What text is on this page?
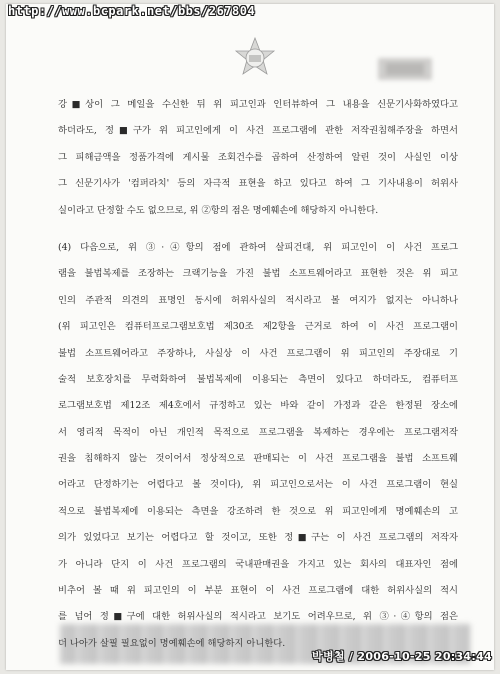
http://www.bcpark.net/bbs/267804
강■상이 그 메일을 수신한 뒤 위 피고인과 인터뷰하여 그 내용을 신문기사화하였다고
하더라도, 정■구가 위 피고인에게 이 사건 프로그램에 관한 저작권침해주장을 하면서
그 피해금액을 정품가격에 게시물 조회건수를 곱하여 산정하여 알린 것이 사실인 이상
그 신문기사가 '컴퍼라치' 등의 자극적 표현을 하고 있다고 하여 그 기사내용이 허위사
실이라고 단정할 수도 없으므로, 위 ②항의 점은 명예훼손에 해당하지 아니한다.
(4) 다음으로, 위 ③·④항의 점에 관하여 살피건대, 위 피고인이 이 사건 프로그
램을 불법복제를 조장하는 크랙기능을 가진 불법 소프트웨어라고 표현한 것은 위 피고
인의 주관적 의견의 표명인 동시에 허위사실의 적시라고 볼 여지가 없지는 아니하나
(위 피고인은 컴퓨터프로그램보호법 제30조 제2항을 근거로 하여 이 사건 프로그램이
불법 소프트웨어라고 주장하나, 사실상 이 사건 프로그램이 위 피고인의 주장대로 기
술적 보호장치를 무력화하여 불법복제에 이용되는 측면이 있다고 하더라도, 컴퓨터프
로그램보호법 제12조 제4호에서 규정하고 있는 바와 같이 가정과 같은 한정된 장소에
서 영리적 목적이 아닌 개인적 목적으로 프로그램을 복제하는 경우에는 프로그램저작
권을 침해하지 않는 것이어서 정상적으로 판매되는 이 사건 프로그램을 불법 소프트웨
어라고 단정하기는 어렵다고 볼 것이다), 위 피고인으로서는 이 사건 프로그램이 현실
적으로 불법복제에 이용되는 측면을 강조하려 한 것으로 위 피고인에게 명예훼손의 고
의가 있었다고 보기는 어렵다고 할 것이고, 또한 정■구는 이 사건 프로그램의 저작자
가 아니라 단지 이 사건 프로그램의 국내판매권을 가지고 있는 회사의 대표자인 점에
비추어 볼 때 위 피고인의 이 부분 표현이 이 사건 프로그램에 대한 허위사실의 적시
를 넘어 정■구에 대한 허위사실의 적시라고 보기도 어려우므로, 위 ③·④항의 점은
더 나아가 살필 필요없이 명예훼손에 해당하지 아니한다.
박병철 / 2006-10-25 20:34:44
